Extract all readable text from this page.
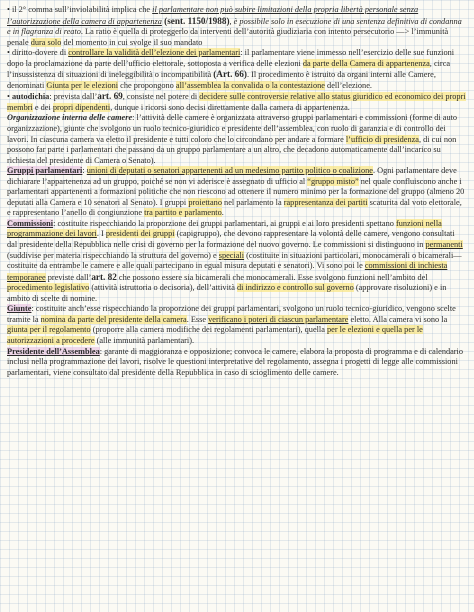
• il 2° comma sull’inviolabilità implica che il parlamentare non può subire limitazioni della propria libertà personale senza l’autorizzazione della camera di appartenenza (sent. 1150/1988), è possibile solo in esecuzione di una sentenza definitiva di condanna e in flagranza di reato. La ratio è quella di proteggerlo da interventi dell’autorità giudiziaria con intento persecutorio —> l’immunità penale dura solo del momento in cui svolge il suo mandato

• diritto-dovere di controllare la validità dell’elezione dei parlamentari: il parlamentare viene immesso nell’esercizio delle sue funzioni dopo la proclamazione da parte dell’ufficio elettorale, sottoposta a verifica delle elezioni da parte della Camera di appartenenza, circa l’insussistenza di situazioni di ineleggibilità o incompatibilità (Art. 66). Il procedimento è istruito da organi interni alle Camere, denominati Giunta per le elezioni che propongono all’assemblea la convalida o la contestazione dell’elezione.

• autodichia: prevista dall’art. 69, consiste nel potere di decidere sulle controversie relative allo status giuridico ed economico dei propri membri e dei propri dipendenti, dunque i ricorsi sono decisi direttamente dalla camera di appartenenza.

Organizzazione interna delle camere: l’attività delle camere è organizzata attraverso gruppi parlamentari e commissioni (forme di auto organizzazione), giunte che svolgono un ruolo tecnico-giuridico e presidente dell’assemblea, con ruolo di garanzia e di controllo dei lavori. In ciascuna camera va eletto il presidente e tutti coloro che lo circondano per andare a formare l’ufficio di presidenza, di cui non possono far parte i parlamentari che passano da un gruppo parlamentare a un altro, che decadono automaticamente dall’incarico su richiesta del presidente di Camera o Senato).

Gruppi parlamentari: unioni di deputati o senatori appartenenti ad un medesimo partito politico o coalizione. Ogni parlamentare deve dichiarare l’appartenenza ad un gruppo, poiché se non vi aderisce è assegnato di ufficio al “gruppo misto” nel quale confluiscono anche i parlamentari appartenenti a formazioni politiche che non riescono ad ottenere il numero minimo per la formazione del gruppo (almeno 20 deputati alla Camera e 10 senatori al Senato). I gruppi proiettano nel parlamento la rappresentanza dei partiti scaturita dal voto elettorale, e rappresentano l’anello di congiunzione tra partito e parlamento.

Commissioni: costituite rispecchiando la proporzione dei gruppi parlamentari, ai gruppi e ai loro presidenti spettano funzioni nella programmazione dei lavori. I presidenti dei gruppi (capigruppo), che devono rappresentare la volontà delle camere, vengono consultati dal presidente della Repubblica nelle crisi di governo per la formazione del nuovo governo. Le commissioni si distinguono in permanenti (suddivise per materia rispecchiando la struttura del governo) e speciali (costituite in situazioni particolari, monocamerali o bicamerali— costituite da entrambe le camere e alle quali partecipano in egual misura deputati e senatori). Vi sono poi le commissioni di inchiesta temporanee previste dall’art. 82 che possono essere sia bicamerali che monocamerali. Esse svolgono funzioni nell’ambito del procedimento legislativo (attività istruttoria o decisoria), dell’attività di indirizzo e controllo sul governo (approvare risoluzioni) e in ambito di scelte di nomine.

Giunte: costituite anch’esse rispecchiando la proporzione dei gruppi parlamentari, svolgono un ruolo tecnico-giuridico, vengono scelte tramite la nomina da parte del presidente della camera. Esse verificano i poteri di ciascun parlamentare eletto. Alla camera vi sono la giunta per il regolamento (proporre alla camera modifiche dei regolamenti parlamentari), quella per le elezioni e quella per le autorizzazioni a procedere (alle immunità parlamentari).

Presidente dell’Assemblea: garante di maggioranza e opposizione; convoca le camere, elabora la proposta di programma e di calendario inclusi nella programmazione dei lavori, risolve le questioni interpretative del regolamento, assegna i progetti di legge alle commissioni parlamentari, viene consultato dal presidente della Repubblica in caso di scioglimento delle camere.
